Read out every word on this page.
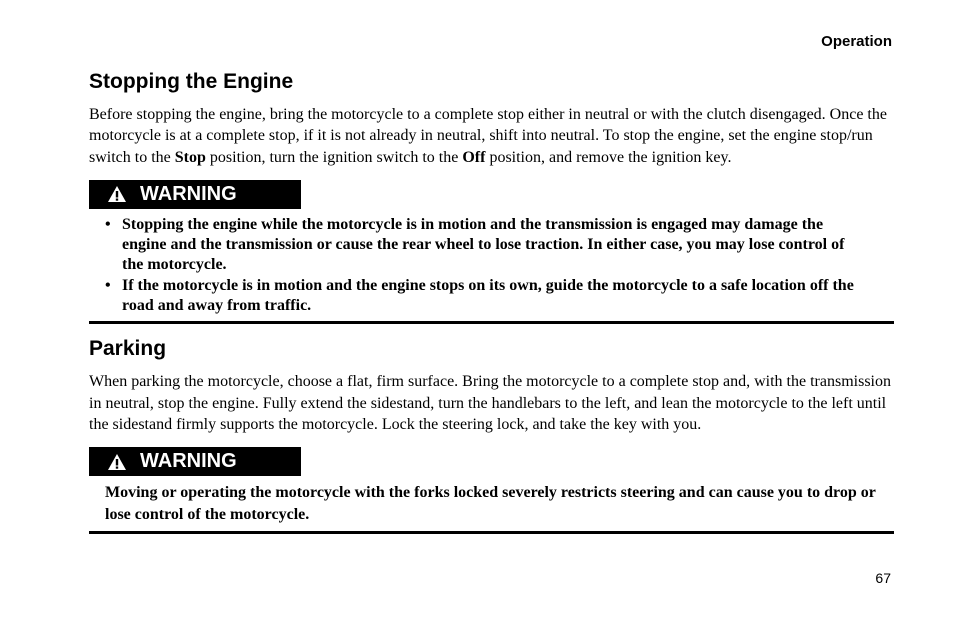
Operation
Stopping the Engine

Before stopping the engine, bring the motorcycle to a complete stop either in neutral or with the clutch disengaged. Once the motorcycle is at a complete stop, if it is not already in neutral, shift into neutral. To stop the engine, set the engine stop/run switch to the Stop position, turn the ignition switch to the Off position, and remove the ignition key.

WARNING
• Stopping the engine while the motorcycle is in motion and the transmission is engaged may damage the engine and the transmission or cause the rear wheel to lose traction. In either case, you may lose control of the motorcycle.
• If the motorcycle is in motion and the engine stops on its own, guide the motorcycle to a safe location off the road and away from traffic.
Parking

When parking the motorcycle, choose a flat, firm surface. Bring the motorcycle to a complete stop and, with the transmission in neutral, stop the engine. Fully extend the sidestand, turn the handlebars to the left, and lean the motorcycle to the left until the sidestand firmly supports the motorcycle. Lock the steering lock, and take the key with you.

WARNING

Moving or operating the motorcycle with the forks locked severely restricts steering and can cause you to drop or lose control of the motorcycle.

67
